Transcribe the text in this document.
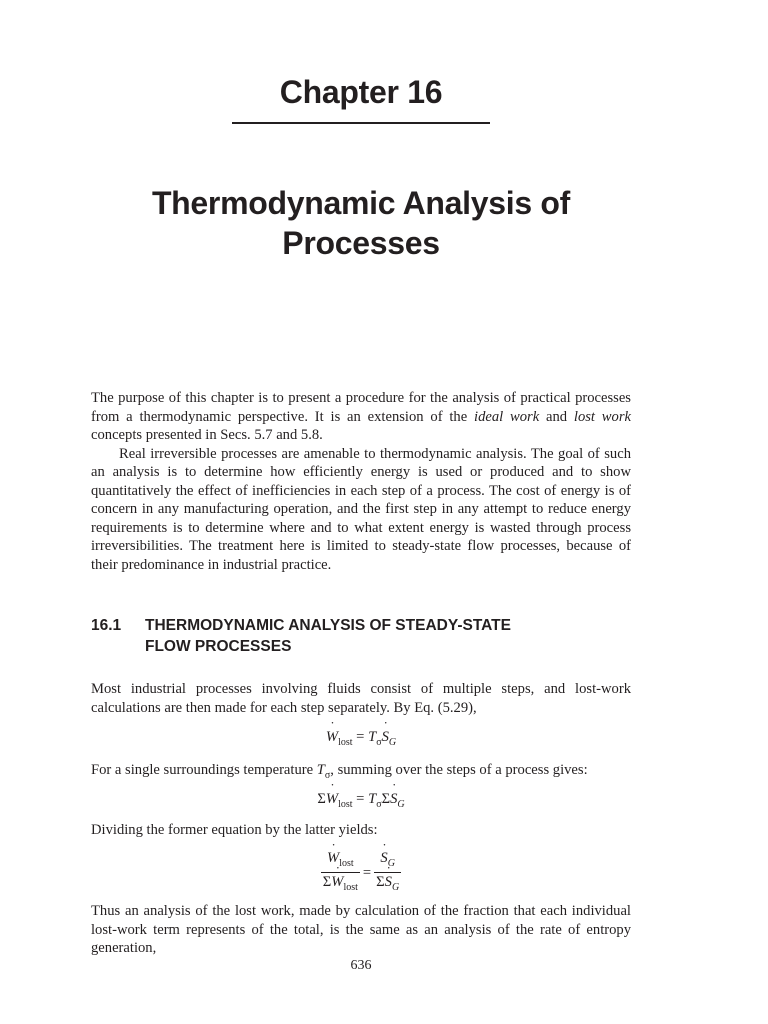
Chapter 16
Thermodynamic Analysis of
Processes

The purpose of this chapter is to present a procedure for the analysis of practical processes from a thermodynamic perspective. It is an extension of the ideal work and lost work concepts presented in Secs. 5.7 and 5.8.

Real irreversible processes are amenable to thermodynamic analysis. The goal of such an analysis is to determine how efficiently energy is used or produced and to show quantitatively the effect of inefficiencies in each step of a process. The cost of energy is of concern in any manufacturing operation, and the first step in any attempt to reduce energy requirements is to determine where and to what extent energy is wasted through process irreversibilities. The treatment here is limited to steady-state flow processes, because of their predominance in industrial practice.

16.1 THERMODYNAMIC ANALYSIS OF STEADY-STATE
FLOW PROCESSES
Most industrial processes involving fluids consist of multiple steps, and lost-work calculations are then made for each step separately. By Eq. (5.29),
˙ $W_{lost}$ = $T_\sigma˙$ $S_G$
For a single surroundings temperature $T_\sigma$, summing over the steps of a process gives:
Σ˙ $W_{lost}$ = $T_\sigma\Sigma˙$ $S_G$
Dividing the former equation by the latter yields:
˙ $\frac{W_{lost}}{\Sigma˙ W_{lost}}$ =
˙ $\frac{S_G}{\Sigma˙ S_G}$
Thus an analysis of the lost work, made by calculation of the fraction that each individual lost-work term represents of the total, is the same as an analysis of the rate of entropy generation,
636
